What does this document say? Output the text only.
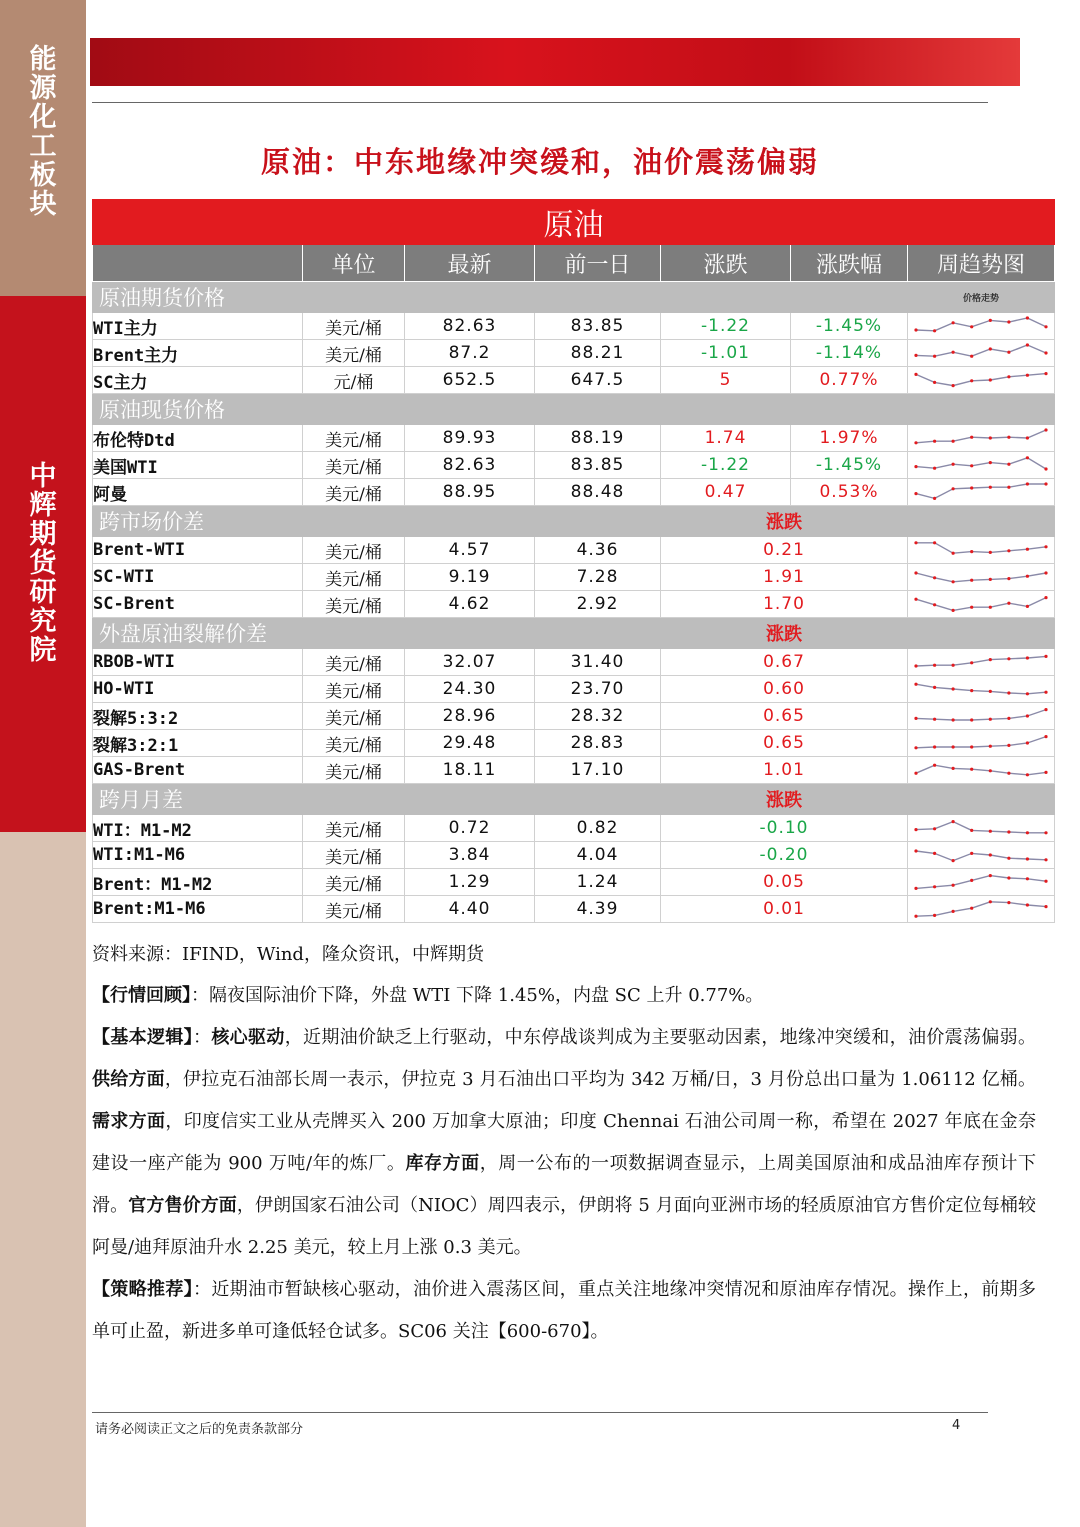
能
源
化
工
板
块
中
辉
期
货
研
究
院
原油：中东地缘冲突缓和，油价震荡偏弱
原油						
	单位	最新	前一日	涨跌	涨跌幅	周趋势图
原油期货价格						价格走势
WTI主力	美元/桶	82.63	83.85	-1.22	-1.45%	

Brent主力	美元/桶	87.2	88.21	-1.01	-1.14%	

SC主力	元/桶	652.5	647.5	5	0.77%	

原油现货价格						
布伦特Dtd	美元/桶	89.93	88.19	1.74	1.97%	

美国WTI	美元/桶	82.63	83.85	-1.22	-1.45%	

阿曼	美元/桶	88.95	88.48	0.47	0.53%	

跨市场价差				涨跌		
Brent-WTI	美元/桶	4.57	4.36	0.21	

SC-WTI	美元/桶	9.19	7.28	1.91	

SC-Brent	美元/桶	4.62	2.92	1.70	

外盘原油裂解价差				涨跌		
RBOB-WTI	美元/桶	32.07	31.40	0.67	

HO-WTI	美元/桶	24.30	23.70	0.60	

裂解5:3:2	美元/桶	28.96	28.32	0.65	

裂解3:2:1	美元/桶	29.48	28.83	0.65	

GAS-Brent	美元/桶	18.11	17.10	1.01	

跨月月差				涨跌		
WTI：M1-M2	美元/桶	0.72	0.82	-0.10	

WTI:M1-M6	美元/桶	3.84	4.04	-0.20	

Brent：M1-M2	美元/桶	1.29	1.24	0.05	

Brent:M1-M6	美元/桶	4.40	4.39	0.01	
资料来源：IFIND，Wind，隆众资讯，中辉期货
【行情回顾】：隔夜国际油价下降，外盘 WTI 下降 1.45%，内盘 SC 上升 0.77%。
【基本逻辑】：核心驱动，近期油价缺乏上行驱动，中东停战谈判成为主要驱动因素，地缘冲突缓和，油价震荡偏弱。供给方面，伊拉克石油部长周一表示，伊拉克 3 月石油出口平均为 342 万桶/日，3 月份总出口量为 1.06112 亿桶。需求方面，印度信实工业从壳牌买入 200 万加拿大原油；印度 Chennai 石油公司周一称，希望在 2027 年底在金奈建设一座产能为 900 万吨/年的炼厂。库存方面，周一公布的一项数据调查显示，上周美国原油和成品油库存预计下滑。官方售价方面，伊朗国家石油公司（NIOC）周四表示，伊朗将 5 月面向亚洲市场的轻质原油官方售价定位每桶较阿曼/迪拜原油升水 2.25 美元，较上月上涨 0.3 美元。
【策略推荐】：近期油市暂缺核心驱动，油价进入震荡区间，重点关注地缘冲突情况和原油库存情况。操作上，前期多单可止盈，新进多单可逢低轻仓试多。SC06 关注【600-670】。
请务必阅读正文之后的免责条款部分	4
